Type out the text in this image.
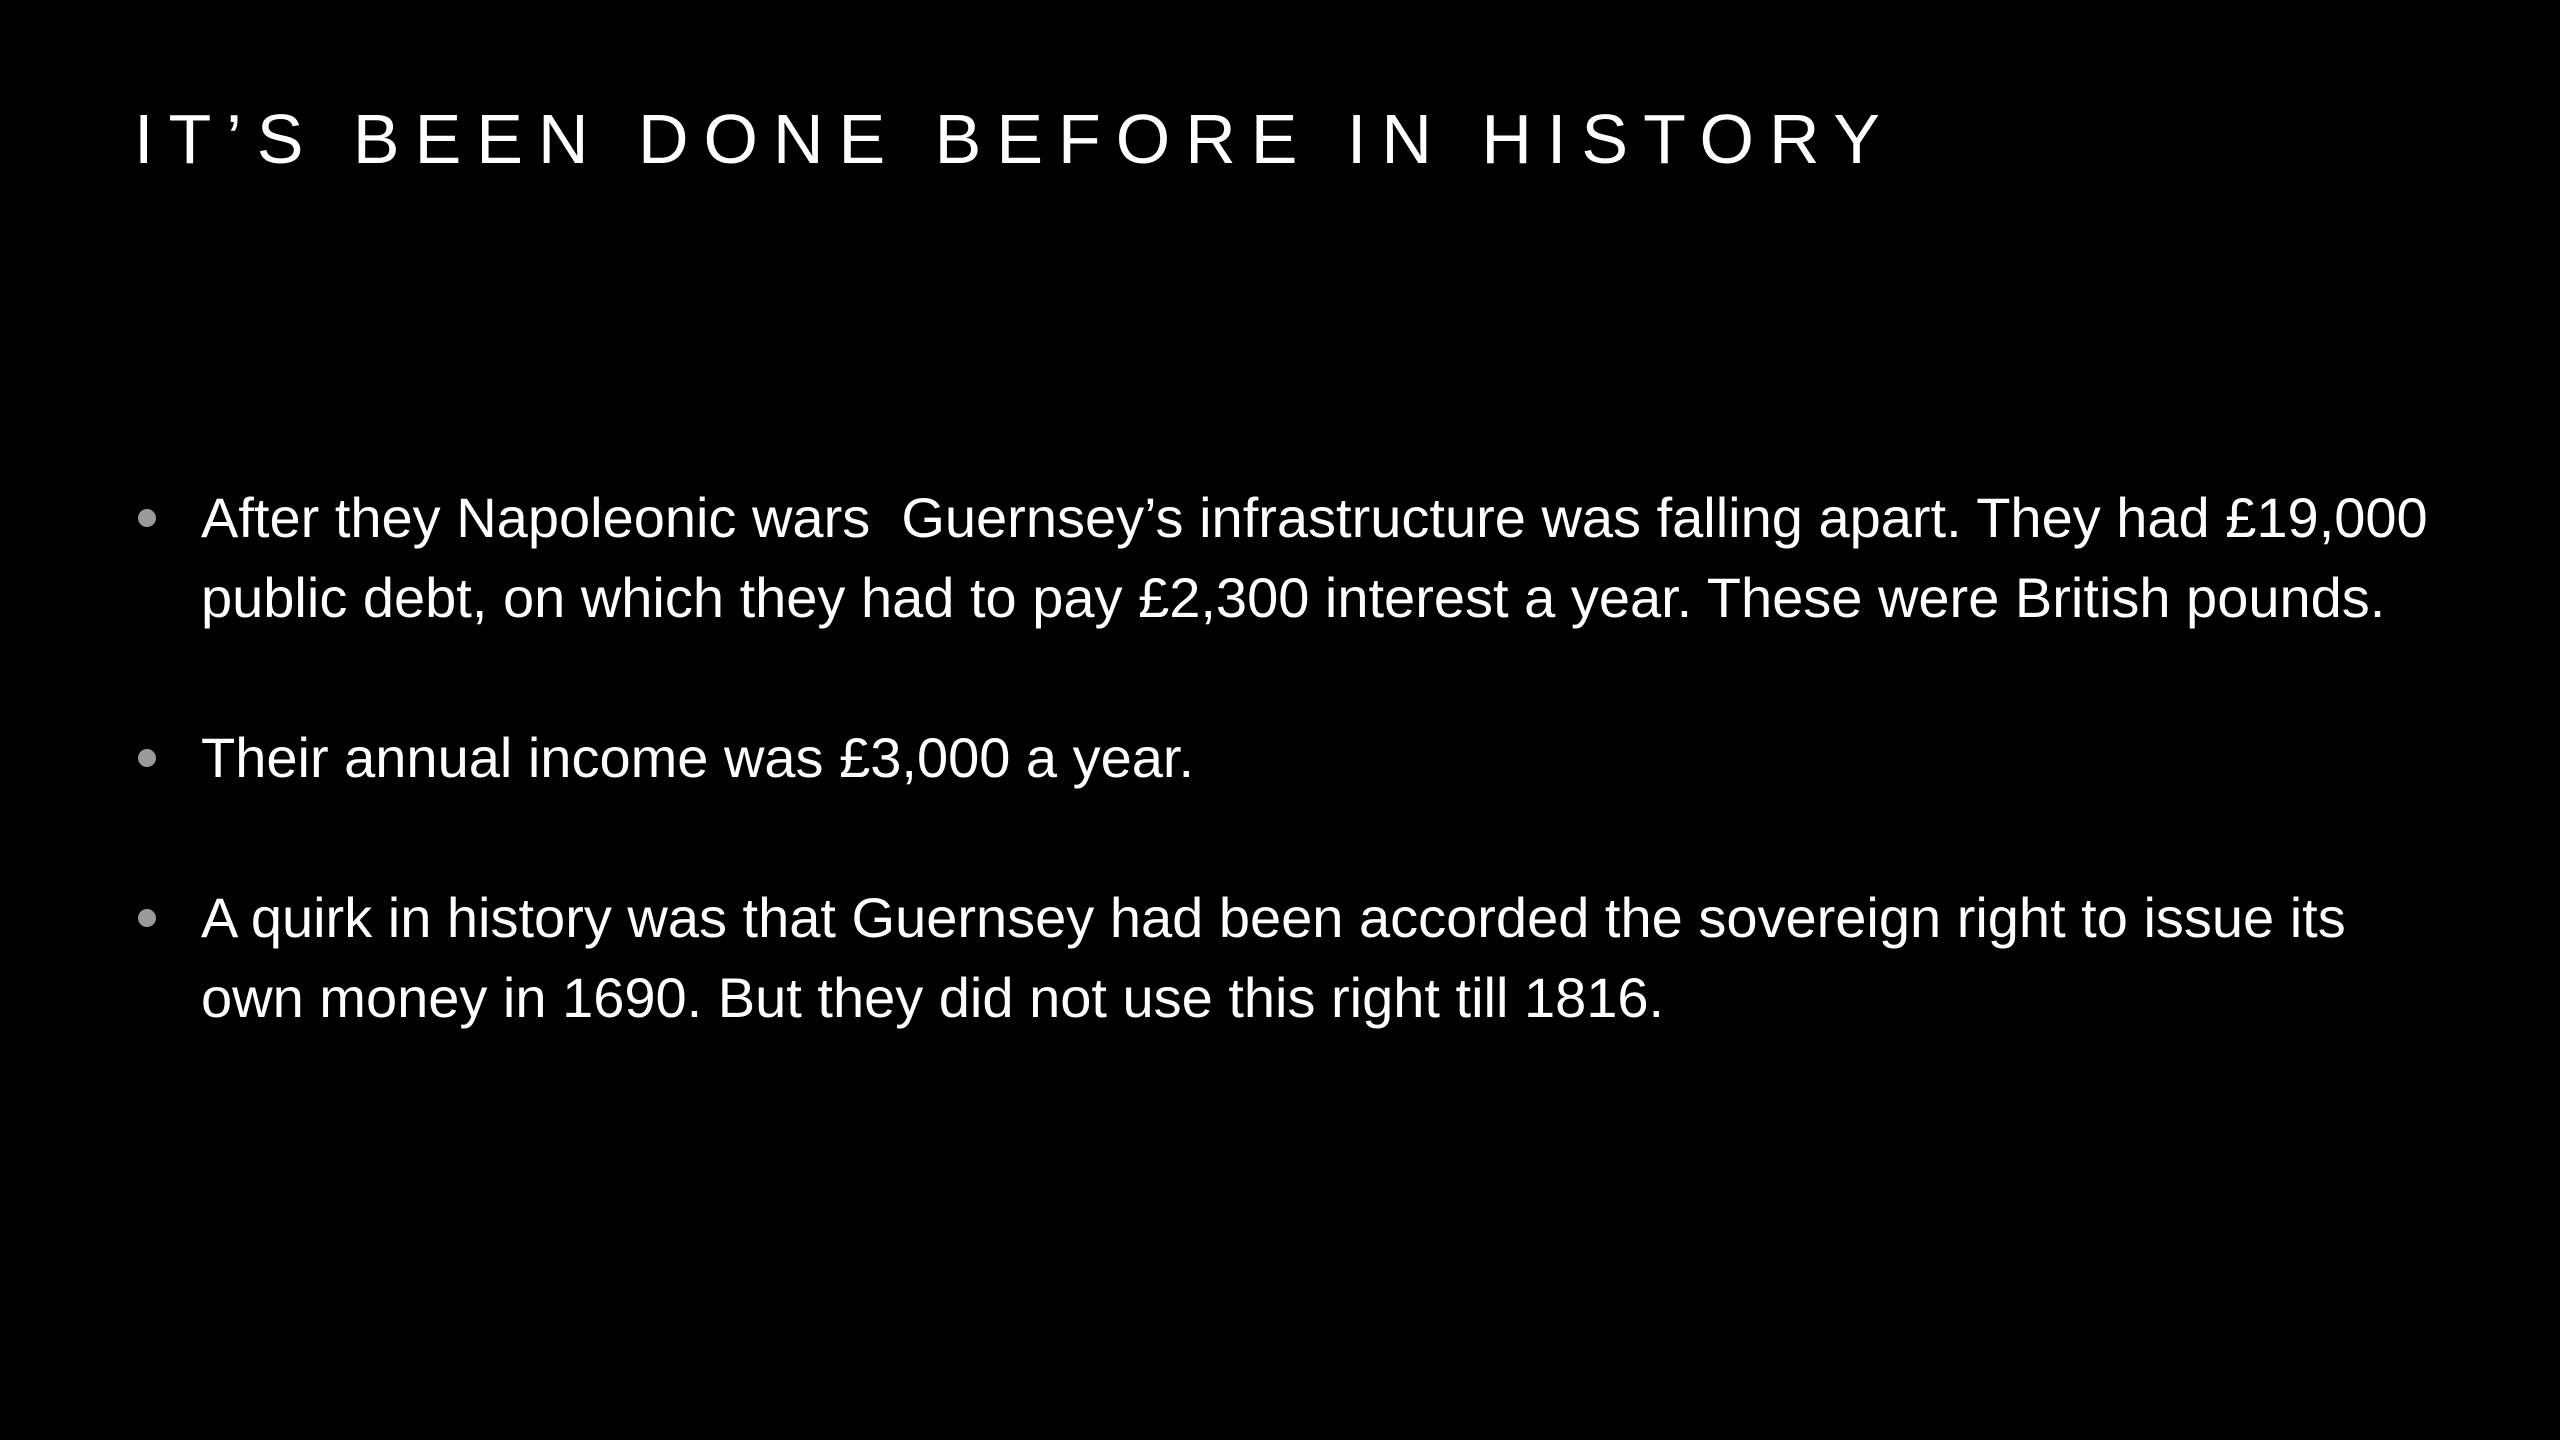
IT’S BEEN DONE BEFORE IN HISTORY
After they Napoleonic wars  Guernsey’s infrastructure was falling apart. They had £19,000 public debt, on which they had to pay £2,300 interest a year. These were British pounds.
Their annual income was £3,000 a year.
A quirk in history was that Guernsey had been accorded the sovereign right to issue its own money in 1690. But they did not use this right till 1816.
